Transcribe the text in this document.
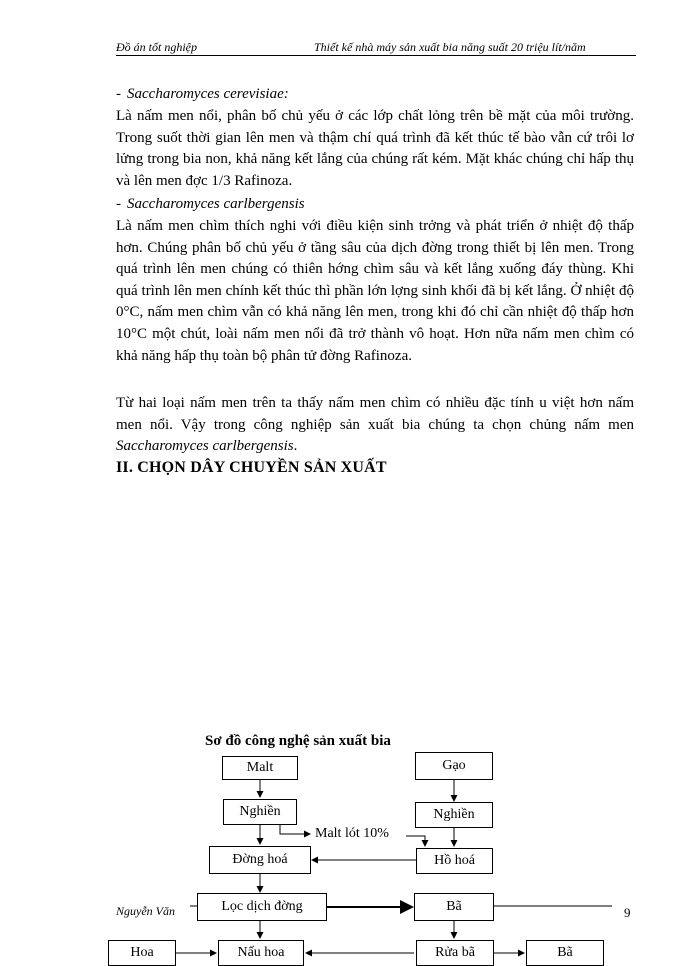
Đồ án tốt nghiệp	Thiết kế nhà máy sản xuất bia năng suất 20 triệu lít/năm
- Saccharomyces cerevisiae:
Là nấm men nổi, phân bố chủ yếu ở các lớp chất lỏng trên bề mặt của môi trường. Trong suốt thời gian lên men và thậm chí quá trình đã kết thúc tế bào vẫn cứ trôi lơ lửng trong bia non, khả năng kết lắng của chúng rất kém. Mặt khác chúng chỉ hấp thụ và lên men đợc 1/3 Rafinoza.
- Saccharomyces carlbergensis
Là nấm men chìm thích nghi với điều kiện sinh trởng và phát triển ở nhiệt độ thấp hơn. Chúng phân bố chủ yếu ở tầng sâu của dịch đờng trong thiết bị lên men. Trong quá trình lên men chúng có thiên hớng chìm sâu và kết lắng xuống đáy thùng. Khi quá trình lên men chính kết thúc thì phần lớn lợng sinh khối đã bị kết lắng. Ở nhiệt độ 0°C, nấm men chìm vẫn có khả năng lên men, trong khi đó chỉ cần nhiệt độ thấp hơn 10°C một chút, loài nấm men nổi đã trở thành vô hoạt. Hơn nữa nấm men chìm có khả năng hấp thụ toàn bộ phân tử đờng Rafinoza.
Từ hai loại nấm men trên ta thấy nấm men chìm có nhiều đặc tính u việt hơn nấm men nổi. Vậy trong công nghiệp sản xuất bia chúng ta chọn chủng nấm men Saccharomyces carlbergensis.
II. CHỌN DÂY CHUYỀN SẢN XUẤT
Sơ đồ công nghệ sản xuất bia
Malt	Gạo
Nghiền	Nghiền
Malt lót 10%
Đờng hoá	Hồ hoá
Lọc dịch đờng	Bã
Hoa	Nấu hoa	Rửa bã	Bã
Nguyễn Văn	9
